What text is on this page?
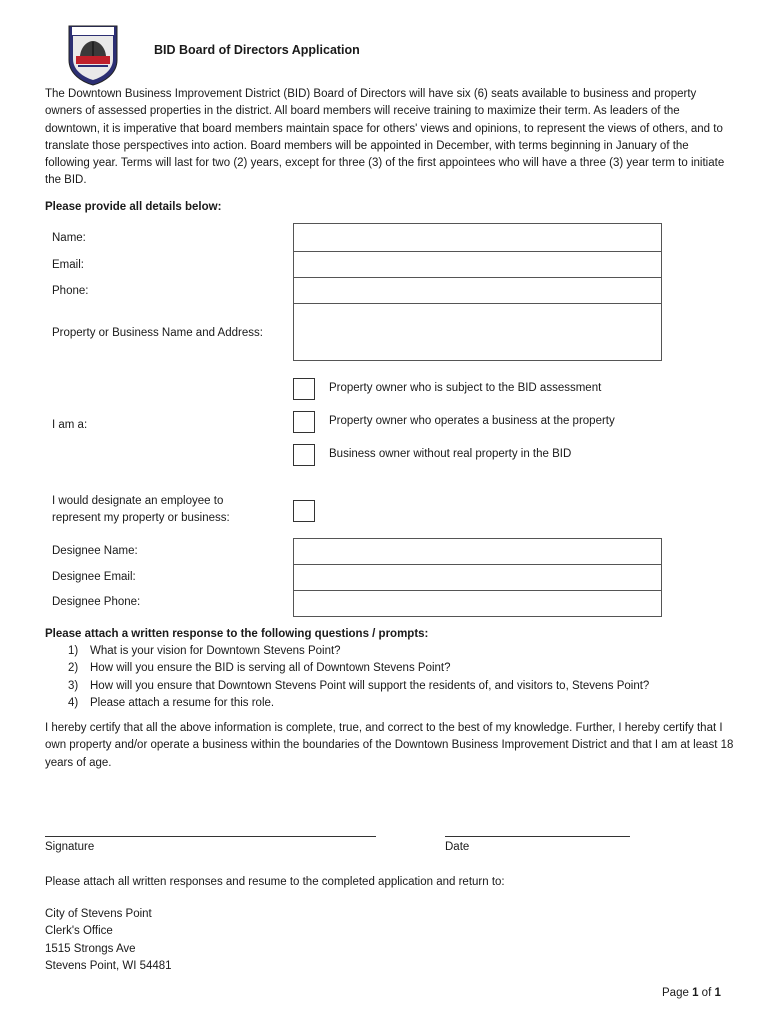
BID Board of Directors Application
The Downtown Business Improvement District (BID) Board of Directors will have six (6) seats available to business and property owners of assessed properties in the district. All board members will receive training to maximize their term. As leaders of the downtown, it is imperative that board members maintain space for others' views and opinions, to represent the views of others, and to translate those perspectives into action. Board members will be appointed in December, with terms beginning in January of the following year. Terms will last for two (2) years, except for three (3) of the first appointees who will have a three (3) year term to initiate the BID.
Please provide all details below:
Name:
Email:
Phone:
Property or Business Name and Address:
I am a:
Property owner who is subject to the BID assessment
Property owner who operates a business at the property
Business owner without real property in the BID
I would designate an employee to represent my property or business:
Designee Name:
Designee Email:
Designee Phone:
Please attach a written response to the following questions / prompts:
1)	What is your vision for Downtown Stevens Point?
2)	How will you ensure the BID is serving all of Downtown Stevens Point?
3)	How will you ensure that Downtown Stevens Point will support the residents of, and visitors to, Stevens Point?
4)	Please attach a resume for this role.
I hereby certify that all the above information is complete, true, and correct to the best of my knowledge. Further, I hereby certify that I own property and/or operate a business within the boundaries of the Downtown Business Improvement District and that I am at least 18 years of age.
Signature	Date
Please attach all written responses and resume to the completed application and return to:
City of Stevens Point
Clerk's Office
1515 Strongs Ave
Stevens Point, WI 54481
Page 1 of 1
